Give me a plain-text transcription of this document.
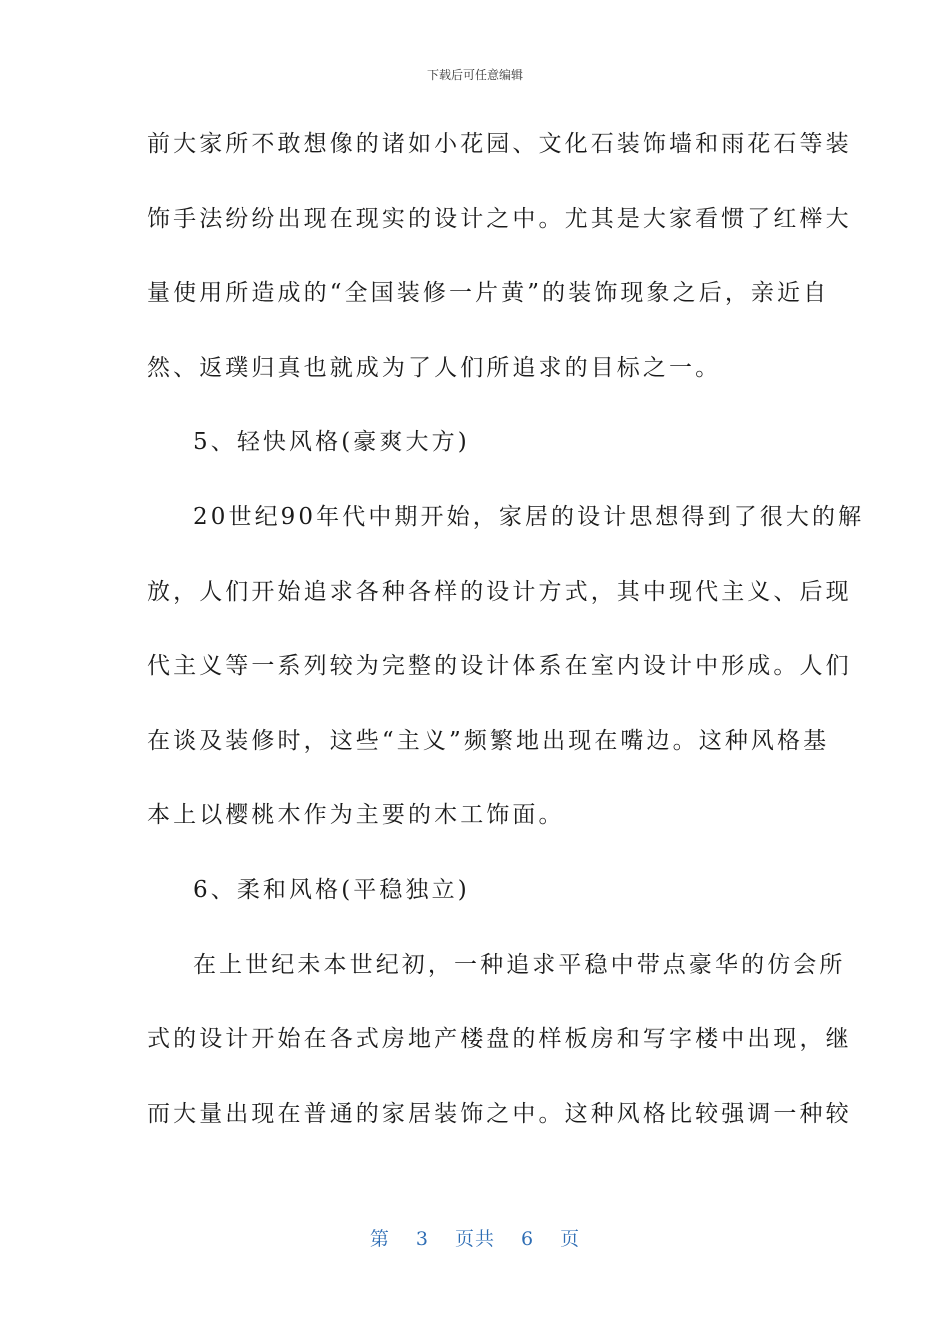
下载后可任意编辑
前大家所不敢想像的诸如小花园、文化石装饰墙和雨花石等装
饰手法纷纷出现在现实的设计之中。尤其是大家看惯了红榉大
量使用所造成的“全国装修一片黄”的装饰现象之后，亲近自
然、返璞归真也就成为了人们所追求的目标之一。
5、轻快风格(豪爽大方)
20世纪90年代中期开始，家居的设计思想得到了很大的解
放，人们开始追求各种各样的设计方式，其中现代主义、后现
代主义等一系列较为完整的设计体系在室内设计中形成。人们
在谈及装修时，这些“主义”频繁地出现在嘴边。这种风格基
本上以樱桃木作为主要的木工饰面。
6、柔和风格(平稳独立)
在上世纪未本世纪初，一种追求平稳中带点豪华的仿会所
式的设计开始在各式房地产楼盘的样板房和写字楼中出现，继
而大量出现在普通的家居装饰之中。这种风格比较强调一种较
第 3 页共 6 页
